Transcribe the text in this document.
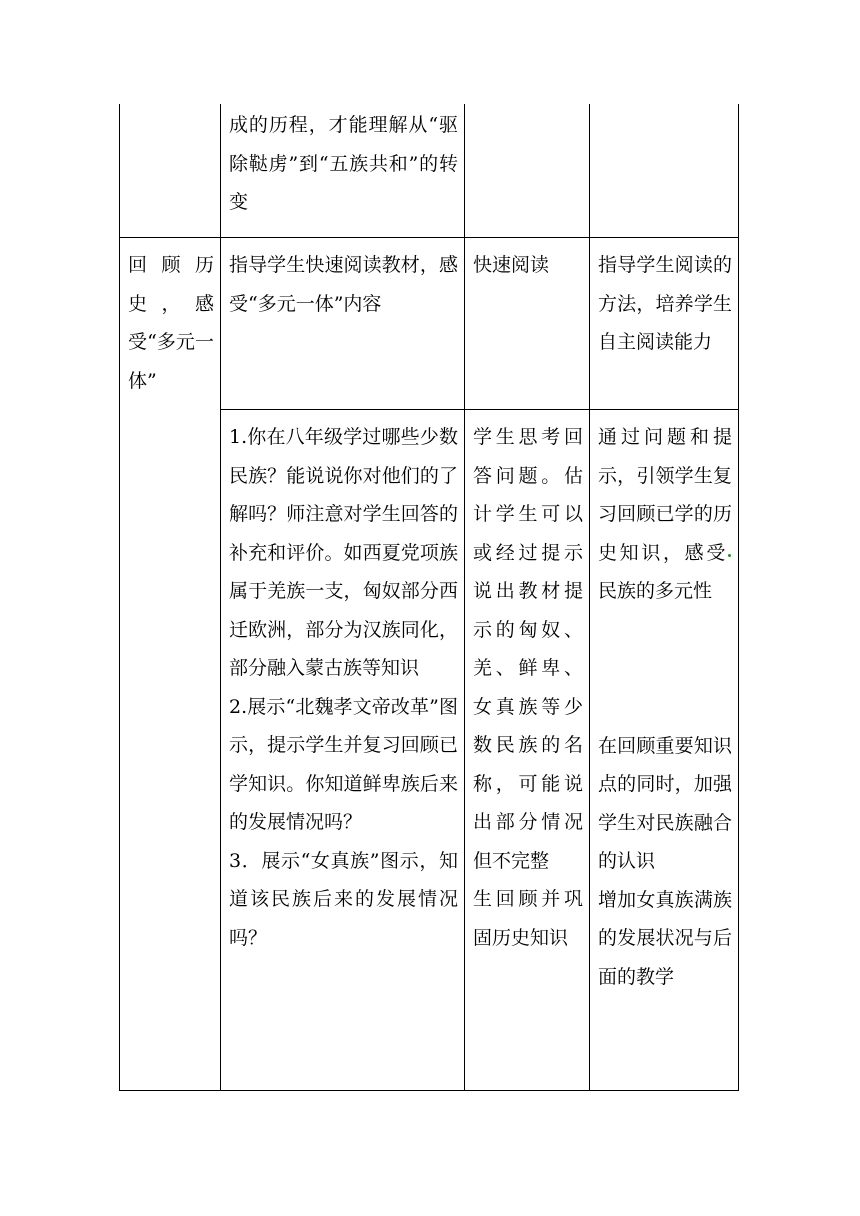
	成的历程，才能理解从“驱除鞑虏”到“五族共和”的转变		
回顾历史，感受“多元一体”	指导学生快速阅读教材，感受“多元一体”内容	快速阅读	指导学生阅读的方法，培养学生自主阅读能力

	1.你在八年级学过哪些少数民族？能说说你对他们的了解吗？师注意对学生回答的补充和评价。如西夏党项族属于羌族一支，匈奴部分西迁欧洲，部分为汉族同化，部分融入蒙古族等知识
2.展示“北魏孝文帝改革”图示，提示学生并复习回顾已学知识。你知道鲜卑族后来的发展情况吗？
3．展示“女真族”图示，知道该民族后来的发展情况吗？	学生思考回答问题。估计学生可以或经过提示说出教材提示的匈奴、羌、鲜卑、女真族等少数民族的名称，可能说出部分情况但不完整
生回顾并巩固历史知识	通过问题和提示，引领学生复习回顾已学的历史知识，感受民族的多元性
在回顾重要知识点的同时，加强学生对民族融合的认识
增加女真族满族的发展状况与后面的教学
